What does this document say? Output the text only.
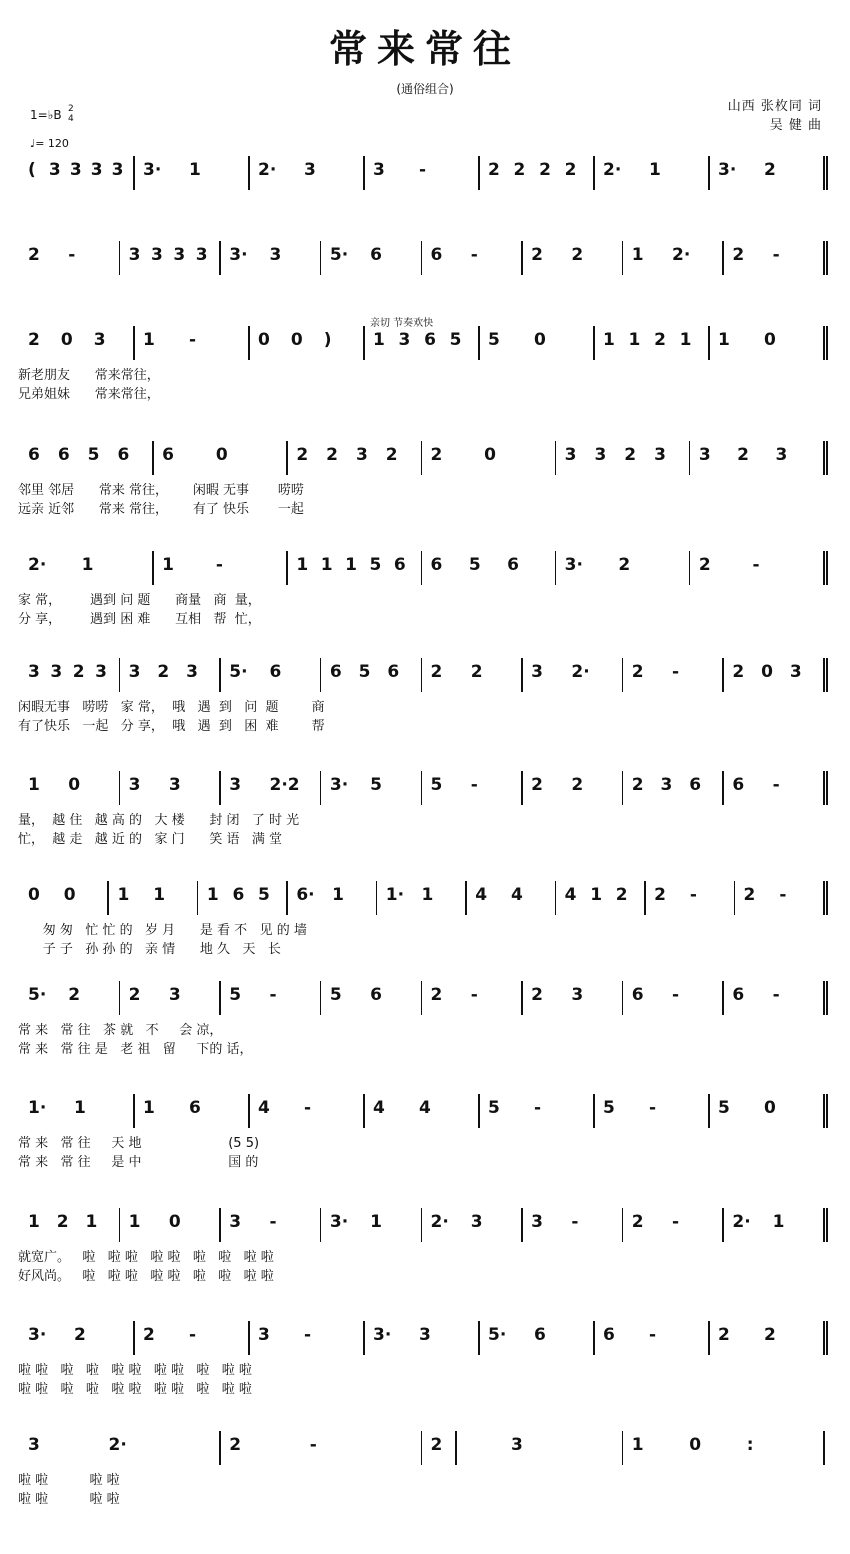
常来常往
(通俗组合)
1=♭B 2
4
♩= 120
山西 张枚同 词
吴 健 曲
亲切 节奏欢快
( 3 3 3 3 3· 1	2· 3	3 -	2 2 2 2 2· 1	3· 2
2 -	3 3 3 3 3· 3	5· 6	6 -	2 2	1 2· 2 -
2 0 3 1 -	0 0 ) 1 3 6 5 5 0	1 1 2 1 1 0
新老朋友      常来常往，
兄弟姐妹      常来常往，
6 6 5 6 6 0	2 2 3 2 2 0	3 3 2 3 3 2 3
邻里 邻居      常来 常往，      闲暇 无事       唠唠
远亲 近邻      常来 常往，      有了 快乐       一起
2· 1	1 -	1 1 1 5 6 6 5 6	3· 2	2 -
家 常，       遇到 问 题      商量   商  量，
分 享，       遇到 困 难      互相   帮  忙，
3 3 2 3 3 2 3 5· 6	6 5 6 2 2	3 2· 2 -	2 0 3
闲暇无事   唠唠   家 常，  哦   遇  到   问  题        商
有了快乐   一起   分 享，  哦   遇  到   困  难        帮
1 0	3 3	3 2·2 3· 5	5 -	2 2	2 3 6 6 -
量，  越 住   越 高 的   大 楼      封 闭   了 时 光
忙，  越 走   越 近 的   家 门      笑 语   满 堂
0 0 1 1 1 6 5 6· 1 1· 1 4 4 4 1 2 2 -	2 -
匆 匆   忙 忙 的   岁 月      是 看 不   见 的 墙
子 子   孙 孙 的   亲 情      地 久   天   长
5· 2	2 3	5 -	5 6	2 -	2 3	6 -	6 -
常 来   常 往   茶 就   不     会 凉，
常 来   常 往 是   老 祖   留     下的 话，
1· 1	1 6	4 -	4 4	5 -	5 -	5 0
常 来   常 往     天 地                     (5 5)
常 来   常 往     是 中                     国 的
1 2 1 1 0	3 -	3· 1	2· 3	3 -	2 -	2· 1
就宽广。   啦   啦 啦   啦 啦   啦   啦   啦 啦
好风尚。   啦   啦 啦   啦 啦   啦   啦   啦 啦
3· 2	2 -	3 -	3· 3	5· 6	6 -	2 2
啦 啦   啦   啦   啦 啦   啦 啦   啦   啦 啦
啦 啦   啦   啦   啦 啦   啦 啦   啦   啦 啦
3	2·	2	-	2	3	1	0	:
啦 啦          啦 啦
啦 啦          啦 啦
